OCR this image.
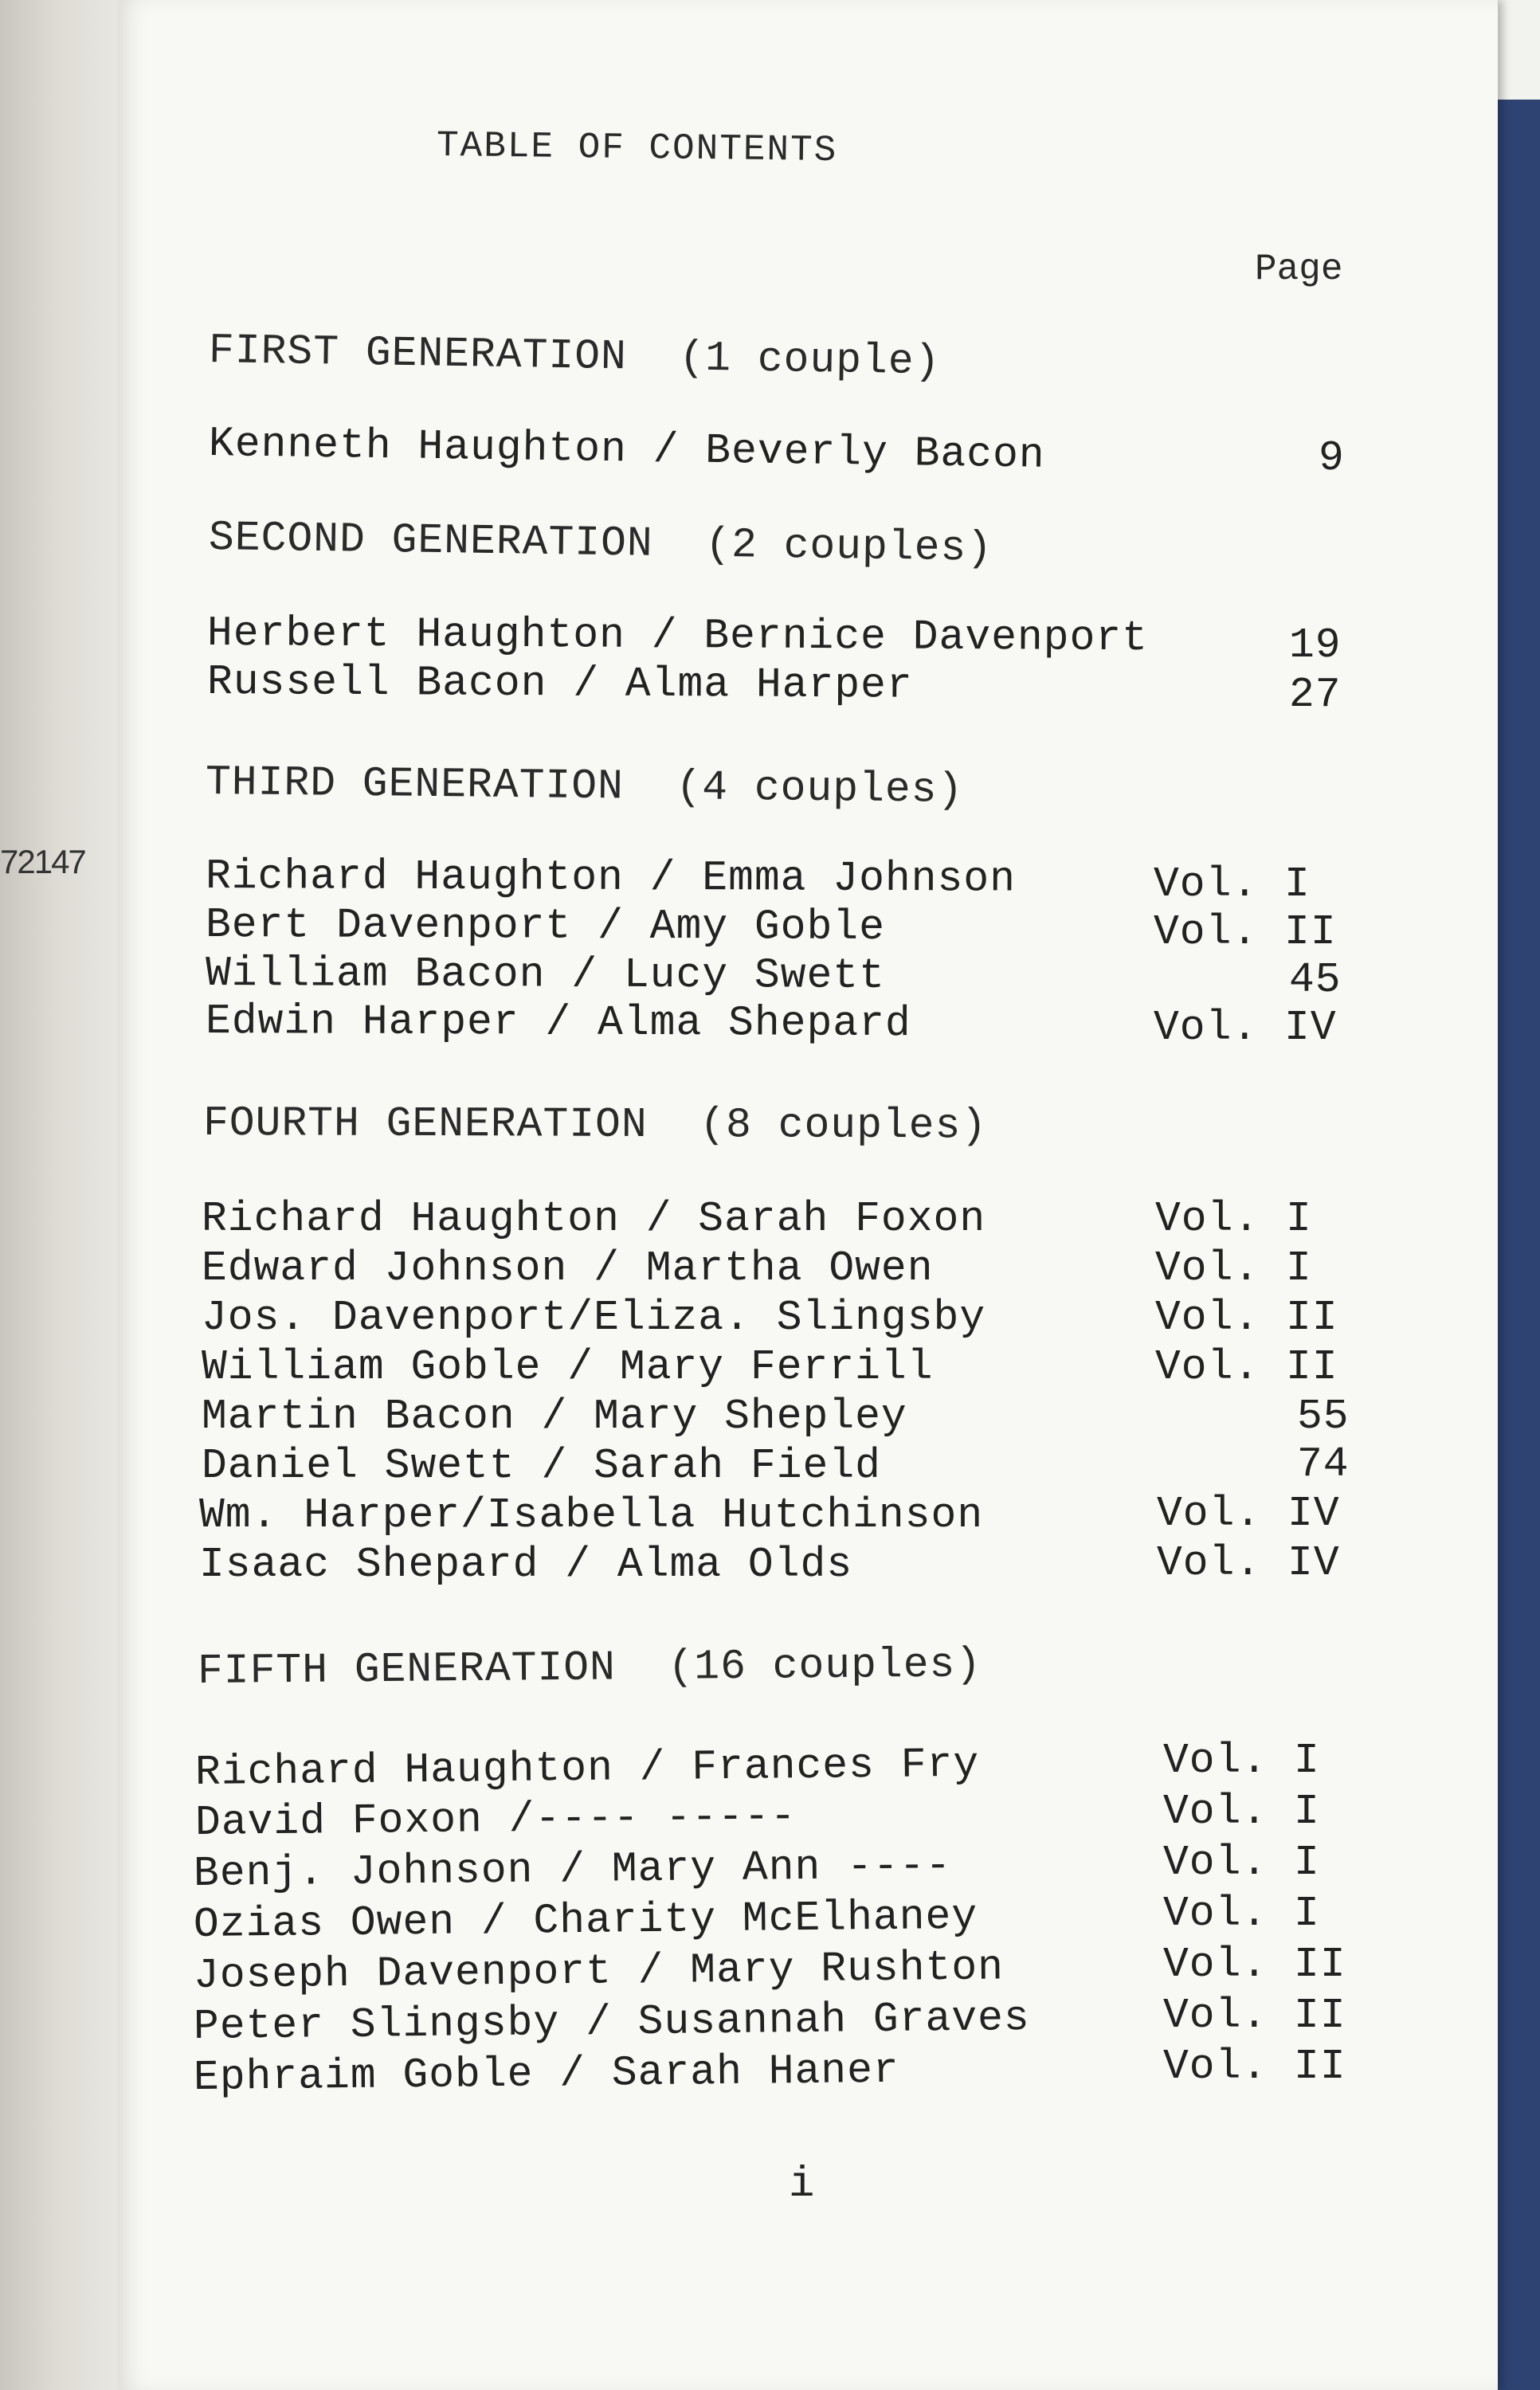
72147
TABLE OF CONTENTS
Page
FIRST GENERATION  (1 couple)
Kenneth Haughton / Beverly Bacon	9
SECOND GENERATION  (2 couples)
Herbert Haughton / Bernice Davenport	19
Russell Bacon / Alma Harper	27
THIRD GENERATION  (4 couples)
Richard Haughton / Emma Johnson	Vol. I
Bert Davenport / Amy Goble	Vol. II
William Bacon / Lucy Swett	45
Edwin Harper / Alma Shepard	Vol. IV
FOURTH GENERATION  (8 couples)
Richard Haughton / Sarah Foxon	Vol. I
Edward Johnson / Martha Owen	Vol. I
Jos. Davenport/Eliza. Slingsby	Vol. II
William Goble / Mary Ferrill	Vol. II
Martin Bacon / Mary Shepley	55
Daniel Swett / Sarah Field	74
Wm. Harper/Isabella Hutchinson	Vol. IV
Isaac Shepard / Alma Olds	Vol. IV
FIFTH GENERATION  (16 couples)
Richard Haughton / Frances Fry	Vol. I
David Foxon /---- -----	Vol. I
Benj. Johnson / Mary Ann ----	Vol. I
Ozias Owen / Charity McElhaney	Vol. I
Joseph Davenport / Mary Rushton	Vol. II
Peter Slingsby / Susannah Graves	Vol. II
Ephraim Goble / Sarah Haner	Vol. II
i
